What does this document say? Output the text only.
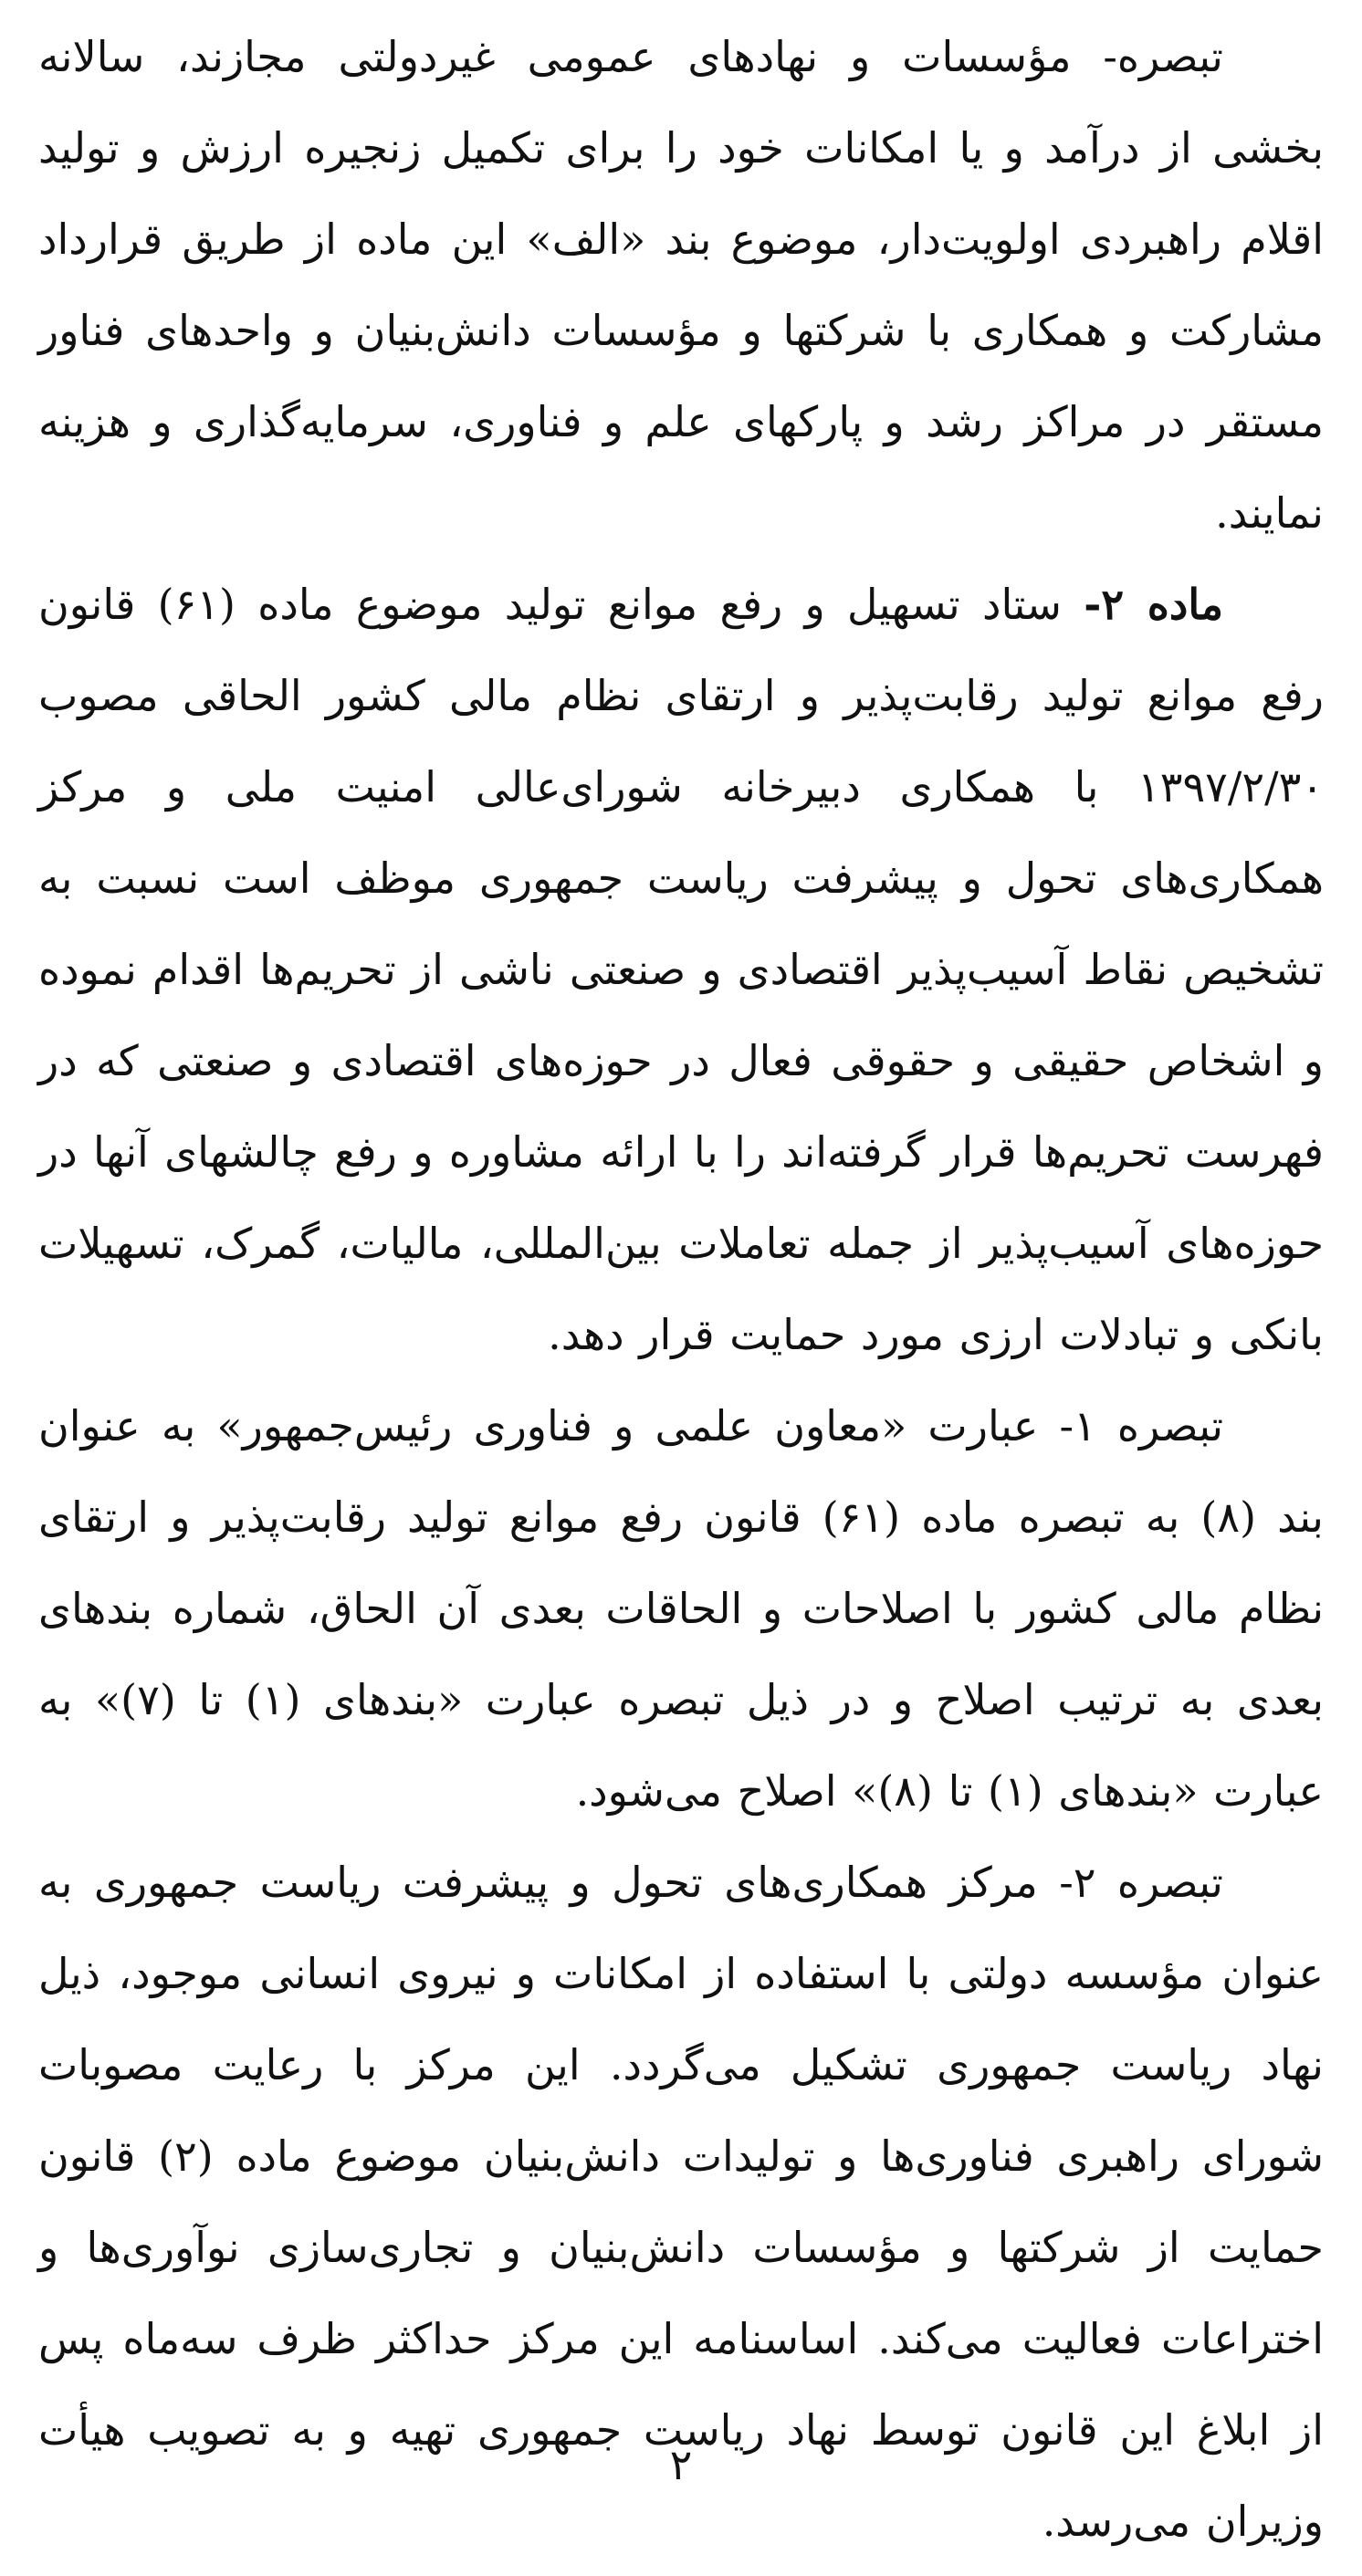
تبصره- مؤسسات و نهادهای عمومی غیردولتی مجازند، سالانه بخشی از درآمد و یا امکانات خود را برای تکمیل زنجیره ارزش و تولید اقلام راهبردی اولویت‌دار، موضوع بند «الف» این ماده از طریق قرارداد مشارکت و همکاری با شرکتها و مؤسسات دانش‌بنیان و واحدهای فناور مستقر در مراکز رشد و پارکهای علم و فناوری، سرمایه‌گذاری و هزینه نمایند.

ماده ۲- ستاد تسهیل و رفع موانع تولید موضوع ماده (۶۱) قانون رفع موانع تولید رقابت‌پذیر و ارتقای نظام مالی کشور الحاقی مصوب ۱۳۹۷/۲/۳۰ با همکاری دبیرخانه شورای‌عالی امنیت ملی و مرکز همکاری‌های تحول و پیشرفت ریاست جمهوری موظف است نسبت به تشخیص نقاط آسیب‌پذیر اقتصادی و صنعتی ناشی از تحریم‌ها اقدام نموده و اشخاص حقیقی و حقوقی فعال در حوزه‌های اقتصادی و صنعتی که در فهرست تحریم‌ها قرار گرفته‌اند را با ارائه مشاوره و رفع چالشهای آنها در حوزه‌های آسیب‌پذیر از جمله تعاملات بین‌المللی، مالیات، گمرک، تسهیلات بانکی و تبادلات ارزی مورد حمایت قرار دهد.

تبصره ۱- عبارت «معاون علمی و فناوری رئیس‌جمهور» به عنوان بند (۸) به تبصره ماده (۶۱) قانون رفع موانع تولید رقابت‌پذیر و ارتقای نظام مالی کشور با اصلاحات و الحاقات بعدی آن الحاق، شماره بندهای بعدی به ترتیب اصلاح و در ذیل تبصره عبارت «بندهای (۱) تا (۷)» به عبارت «بندهای (۱) تا (۸)» اصلاح می‌شود.

تبصره ۲- مرکز همکاری‌های تحول و پیشرفت ریاست جمهوری به عنوان مؤسسه دولتی با استفاده از امکانات و نیروی انسانی موجود، ذیل نهاد ریاست جمهوری تشکیل می‌گردد. این مرکز با رعایت مصوبات شورای راهبری فناوری‌ها و تولیدات دانش‌بنیان موضوع ماده (۲) قانون حمایت از شرکتها و مؤسسات دانش‌بنیان و تجاری‌سازی نوآوری‌ها و اختراعات فعالیت می‌کند. اساسنامه این مرکز حداکثر ظرف سه‌ماه پس از ابلاغ این قانون توسط نهاد ریاست جمهوری تهیه و به تصویب هیأت وزیران می‌رسد.

۲
